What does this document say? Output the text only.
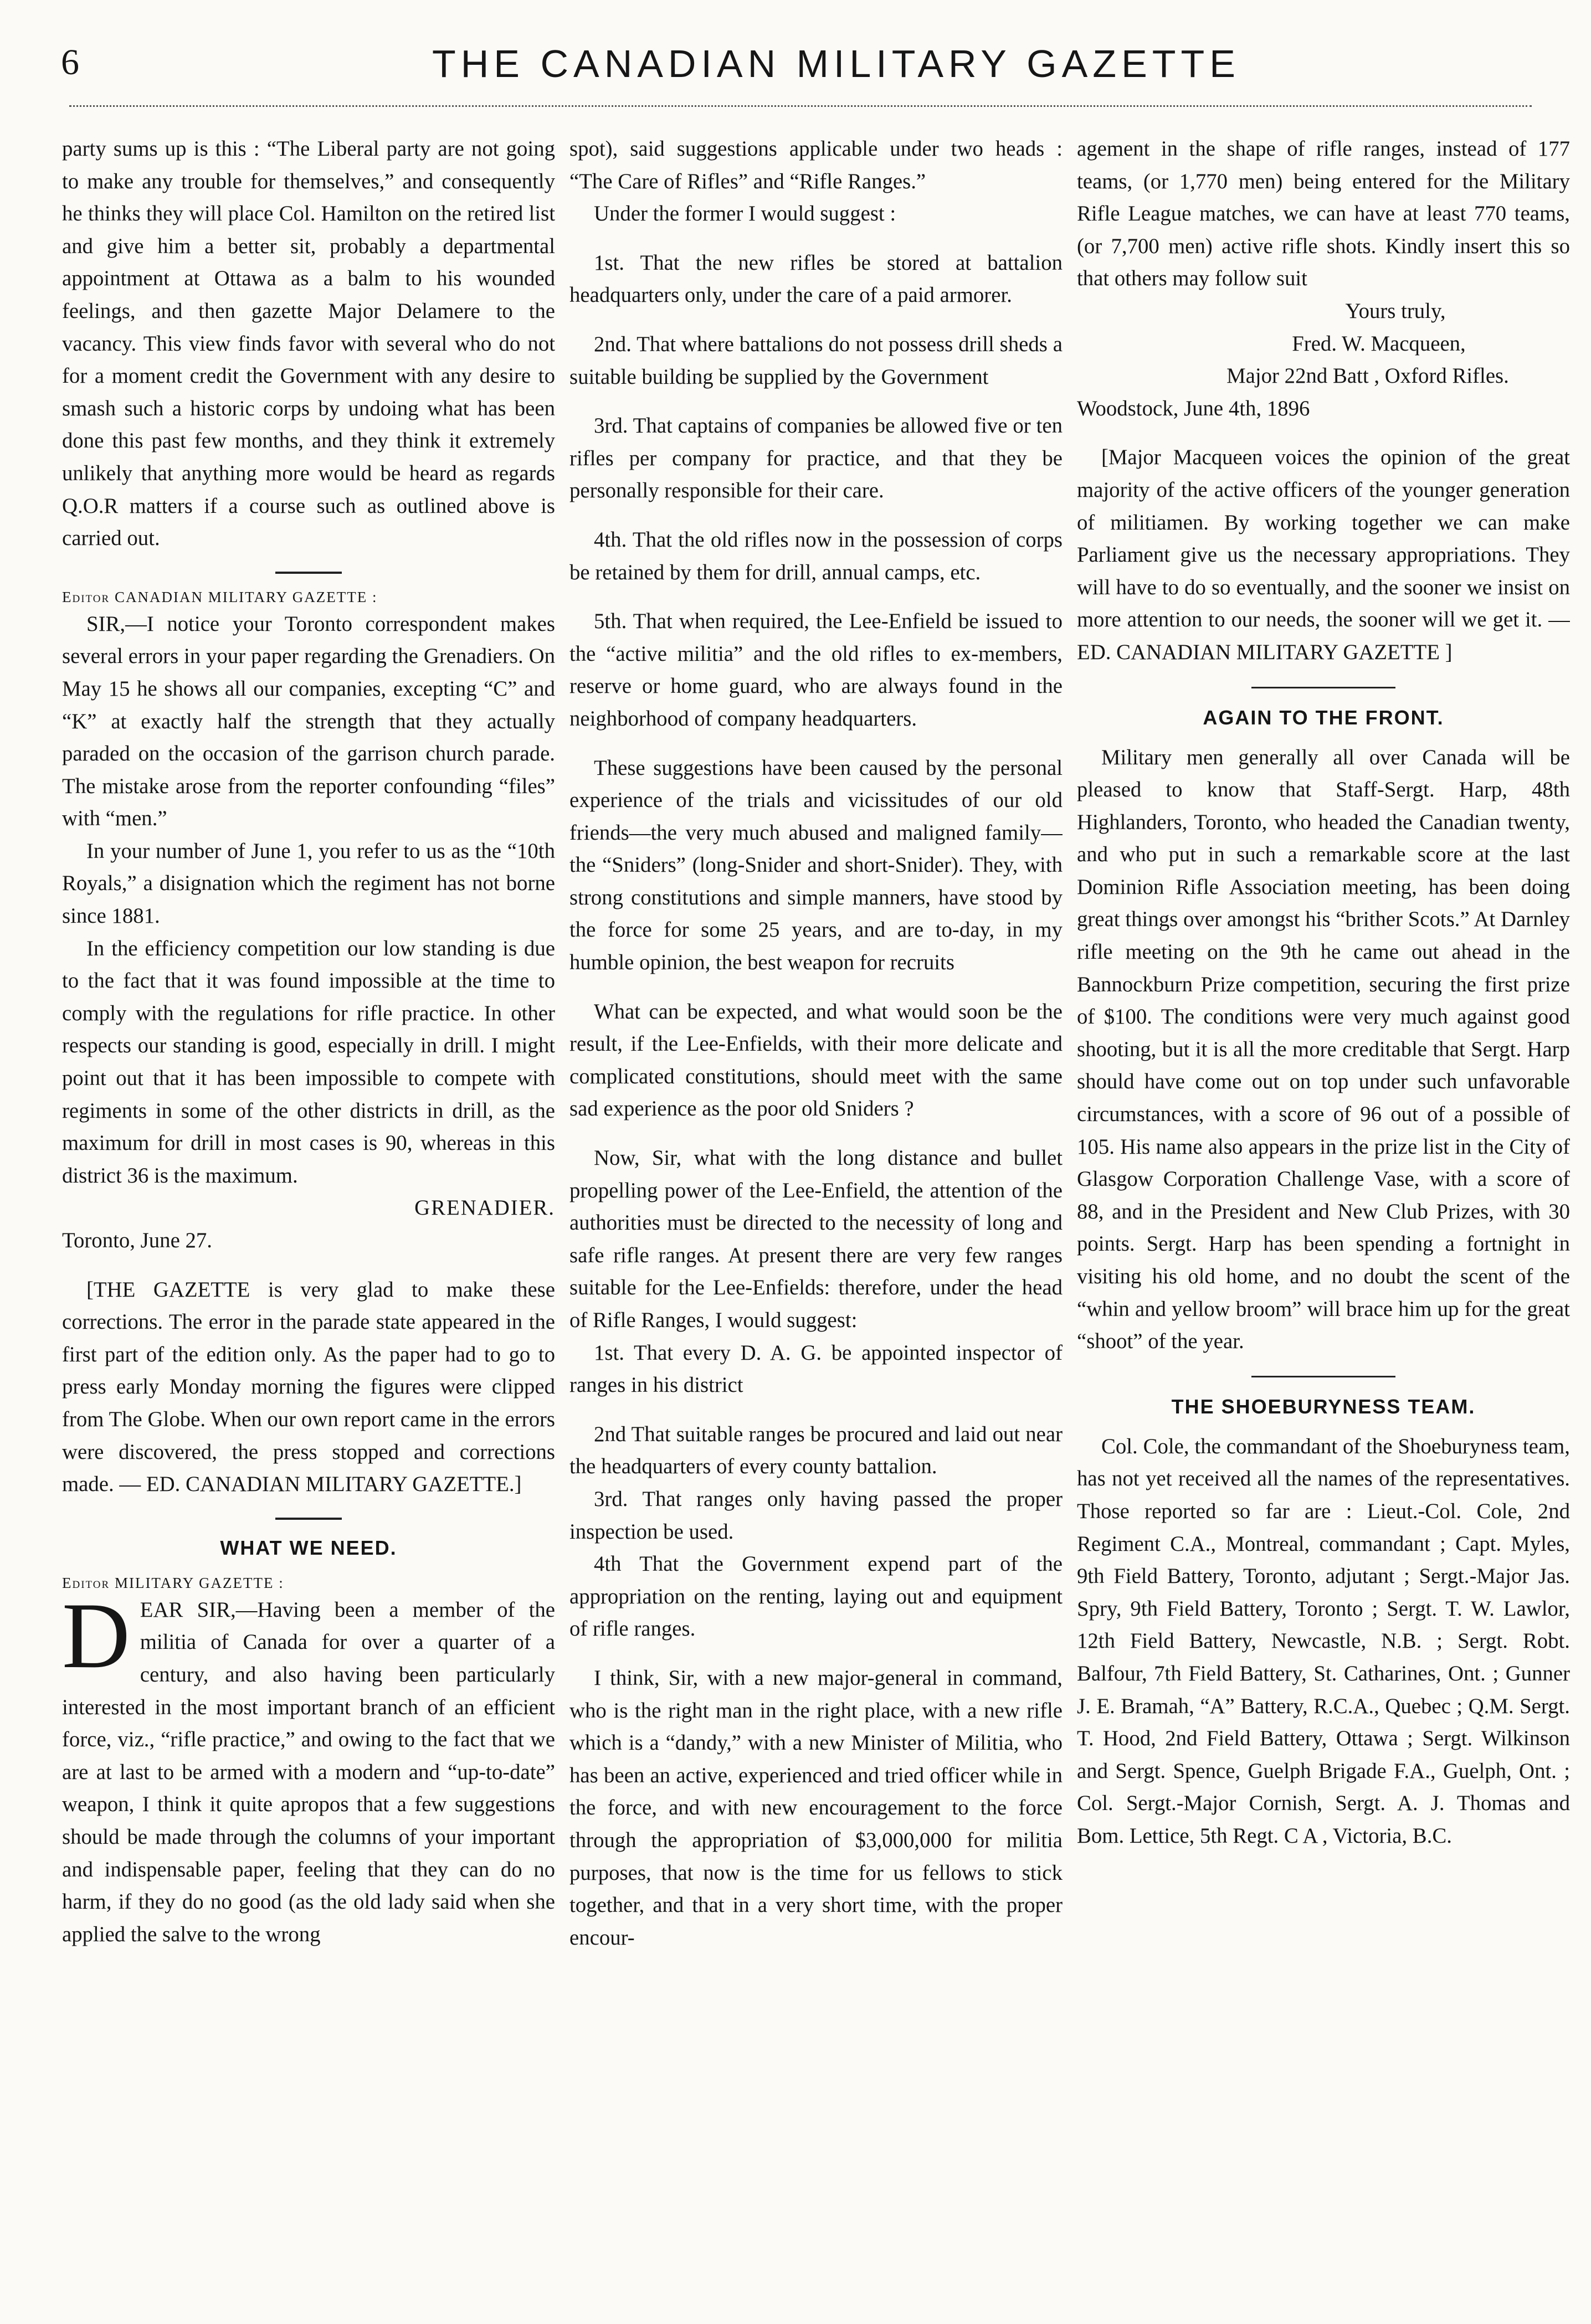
6	THE CANADIAN MILITARY GAZETTE

party sums up is this : “The Liberal party are not going to make any trouble for themselves,” and consequently he thinks they will place Col. Hamilton on the retired list and give him a better sit, probably a departmental appointment at Ottawa as a balm to his wounded feelings, and then gazette Major Delamere to the vacancy. This view finds favor with several who do not for a moment credit the Government with any desire to smash such a historic corps by undoing what has been done this past few months, and they think it extremely unlikely that anything more would be heard as regards Q.O.R matters if a course such as outlined above is carried out.

Editor CANADIAN MILITARY GAZETTE :

SIR,—I notice your Toronto correspondent makes several errors in your paper regarding the Grenadiers. On May 15 he shows all our companies, excepting “C” and “K” at exactly half the strength that they actually paraded on the occasion of the garrison church parade. The mistake arose from the reporter confounding “files” with “men.”

In your number of June 1, you refer to us as the “10th Royals,” a disignation which the regiment has not borne since 1881.

In the efficiency competition our low standing is due to the fact that it was found impossible at the time to comply with the regulations for rifle practice. In other respects our standing is good, especially in drill. I might point out that it has been impossible to compete with regiments in some of the other districts in drill, as the maximum for drill in most cases is 90, whereas in this district 36 is the maximum.

GRENADIER.
Toronto, June 27.

[THE GAZETTE is very glad to make these corrections. The error in the parade state appeared in the first part of the edition only. As the paper had to go to press early Monday morning the figures were clipped from The Globe. When our own report came in the errors were discovered, the press stopped and corrections made. — ED. CANADIAN MILITARY GAZETTE.]

WHAT WE NEED.
Editor MILITARY GAZETTE :

DEAR SIR,—Having been a member of the militia of Canada for over a quarter of a century, and also having been particularly interested in the most important branch of an efficient force, viz., “rifle practice,” and owing to the fact that we are at last to be armed with a modern and “up-to-date” weapon, I think it quite apropos that a few suggestions should be made through the columns of your important and indispensable paper, feeling that they can do no harm, if they do no good (as the old lady said when she applied the salve to the wrong

spot), said suggestions applicable under two heads : “The Care of Rifles” and “Rifle Ranges.”

Under the former I would suggest :

1st. That the new rifles be stored at battalion headquarters only, under the care of a paid armorer.

2nd. That where battalions do not possess drill sheds a suitable building be supplied by the Government

3rd. That captains of companies be allowed five or ten rifles per company for practice, and that they be personally responsible for their care.

4th. That the old rifles now in the possession of corps be retained by them for drill, annual camps, etc.

5th. That when required, the Lee-Enfield be issued to the “active militia” and the old rifles to ex-members, reserve or home guard, who are always found in the neighborhood of company headquarters.

These suggestions have been caused by the personal experience of the trials and vicissitudes of our old friends—the very much abused and maligned family—the “Sniders” (long-Snider and short-Snider). They, with strong constitutions and simple manners, have stood by the force for some 25 years, and are to-day, in my humble opinion, the best weapon for recruits

What can be expected, and what would soon be the result, if the Lee-Enfields, with their more delicate and complicated constitutions, should meet with the same sad experience as the poor old Sniders ?

Now, Sir, what with the long distance and bullet propelling power of the Lee-Enfield, the attention of the authorities must be directed to the necessity of long and safe rifle ranges. At present there are very few ranges suitable for the Lee-Enfields: therefore, under the head of Rifle Ranges, I would suggest:

1st. That every D. A. G. be appointed inspector of ranges in his district

2nd That suitable ranges be procured and laid out near the headquarters of every county battalion.

3rd. That ranges only having passed the proper inspection be used.

4th That the Government expend part of the appropriation on the renting, laying out and equipment of rifle ranges.

I think, Sir, with a new major-general in command, who is the right man in the right place, with a new rifle which is a “dandy,” with a new Minister of Militia, who has been an active, experienced and tried officer while in the force, and with new encouragement to the force through the appropriation of $3,000,000 for militia purposes, that now is the time for us fellows to stick together, and that in a very short time, with the proper encour-

agement in the shape of rifle ranges, instead of 177 teams, (or 1,770 men) being entered for the Military Rifle League matches, we can have at least 770 teams, (or 7,700 men) active rifle shots. Kindly insert this so that others may follow suit

Yours truly,

Fred. W. Macqueen,

Major 22nd Batt , Oxford Rifles.

Woodstock, June 4th, 1896

[Major Macqueen voices the opinion of the great majority of the active officers of the younger generation of militiamen. By working together we can make Parliament give us the necessary appropriations. They will have to do so eventually, and the sooner we insist on more attention to our needs, the sooner will we get it. — ED. CANADIAN MILITARY GAZETTE ]

AGAIN TO THE FRONT.

Military men generally all over Canada will be pleased to know that Staff-Sergt. Harp, 48th Highlanders, Toronto, who headed the Canadian twenty, and who put in such a remarkable score at the last Dominion Rifle Association meeting, has been doing great things over amongst his “brither Scots.” At Darnley rifle meeting on the 9th he came out ahead in the Bannockburn Prize competition, securing the first prize of $100. The conditions were very much against good shooting, but it is all the more creditable that Sergt. Harp should have come out on top under such unfavorable circumstances, with a score of 96 out of a possible of 105. His name also appears in the prize list in the City of Glasgow Corporation Challenge Vase, with a score of 88, and in the President and New Club Prizes, with 30 points. Sergt. Harp has been spending a fortnight in visiting his old home, and no doubt the scent of the “whin and yellow broom” will brace him up for the great “shoot” of the year.

THE SHOEBURYNESS TEAM.

Col. Cole, the commandant of the Shoeburyness team, has not yet received all the names of the representatives. Those reported so far are : Lieut.-Col. Cole, 2nd Regiment C.A., Montreal, commandant ; Capt. Myles, 9th Field Battery, Toronto, adjutant ; Sergt.-Major Jas. Spry, 9th Field Battery, Toronto ; Sergt. T. W. Lawlor, 12th Field Battery, Newcastle, N.B. ; Sergt. Robt. Balfour, 7th Field Battery, St. Catharines, Ont. ; Gunner J. E. Bramah, “A” Battery, R.C.A., Quebec ; Q.M. Sergt. T. Hood, 2nd Field Battery, Ottawa ; Sergt. Wilkinson and Sergt. Spence, Guelph Brigade F.A., Guelph, Ont. ; Col. Sergt.-Major Cornish, Sergt. A. J. Thomas and Bom. Lettice, 5th Regt. C A , Victoria, B.C.
